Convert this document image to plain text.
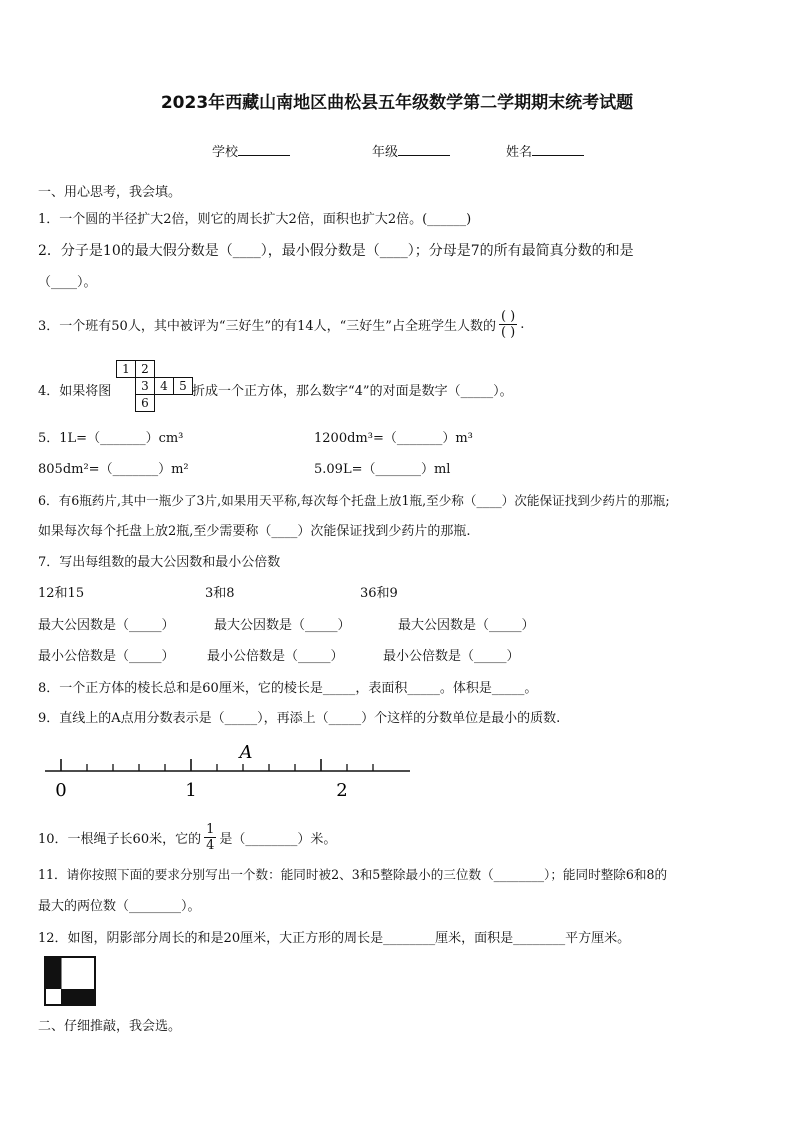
2023年西藏山南地区曲松县五年级数学第二学期期末统考试题
学校	年级	姓名
一、用心思考，我会填。
1．一个圆的半径扩大2倍，则它的周长扩大2倍，面积也扩大2倍。(______)
2．分子是10的最大假分数是（____），最小假分数是（____）；分母是7的所有最简真分数的和是
（____）。
3．一个班有50人，其中被评为“三好生”的有14人，“三好生”占全班学生人数的 $\frac{( )}{( )}$ .
4．如果将图
1 2
3 4 5
6
折成一个正方体，那么数字“4”的对面是数字（_____）。
5．1L=（_______）cm³	1200dm³=（_______）m³
805dm²=（_______）m²	5.09L=（_______）ml
6．有6瓶药片,其中一瓶少了3片,如果用天平称,每次每个托盘上放1瓶,至少称（____）次能保证找到少药片的那瓶;
如果每次每个托盘上放2瓶,至少需要称（____）次能保证找到少药片的那瓶.
7．写出每组数的最大公因数和最小公倍数
12和15	3和8	36和9
最大公因数是（_____）	最大公因数是（_____）	最大公因数是（_____）
最小公倍数是（_____） 最小公倍数是（_____）	最小公倍数是（_____）
8．一个正方体的棱长总和是60厘米，它的棱长是_____，表面积_____。体积是_____。
9．直线上的A点用分数表示是（_____），再添上（_____）个这样的分数单位是最小的质数.
0	1	2
A
10．一根绳子长60米，它的 $\frac{1}{4}$ 是（________）米。
11．请你按照下面的要求分别写出一个数：能同时被2、3和5整除最小的三位数（________）；能同时整除6和8的
最大的两位数（________）。
12．如图，阴影部分周长的和是20厘米，大正方形的周长是________厘米，面积是________平方厘米。
二、仔细推敲，我会选。
